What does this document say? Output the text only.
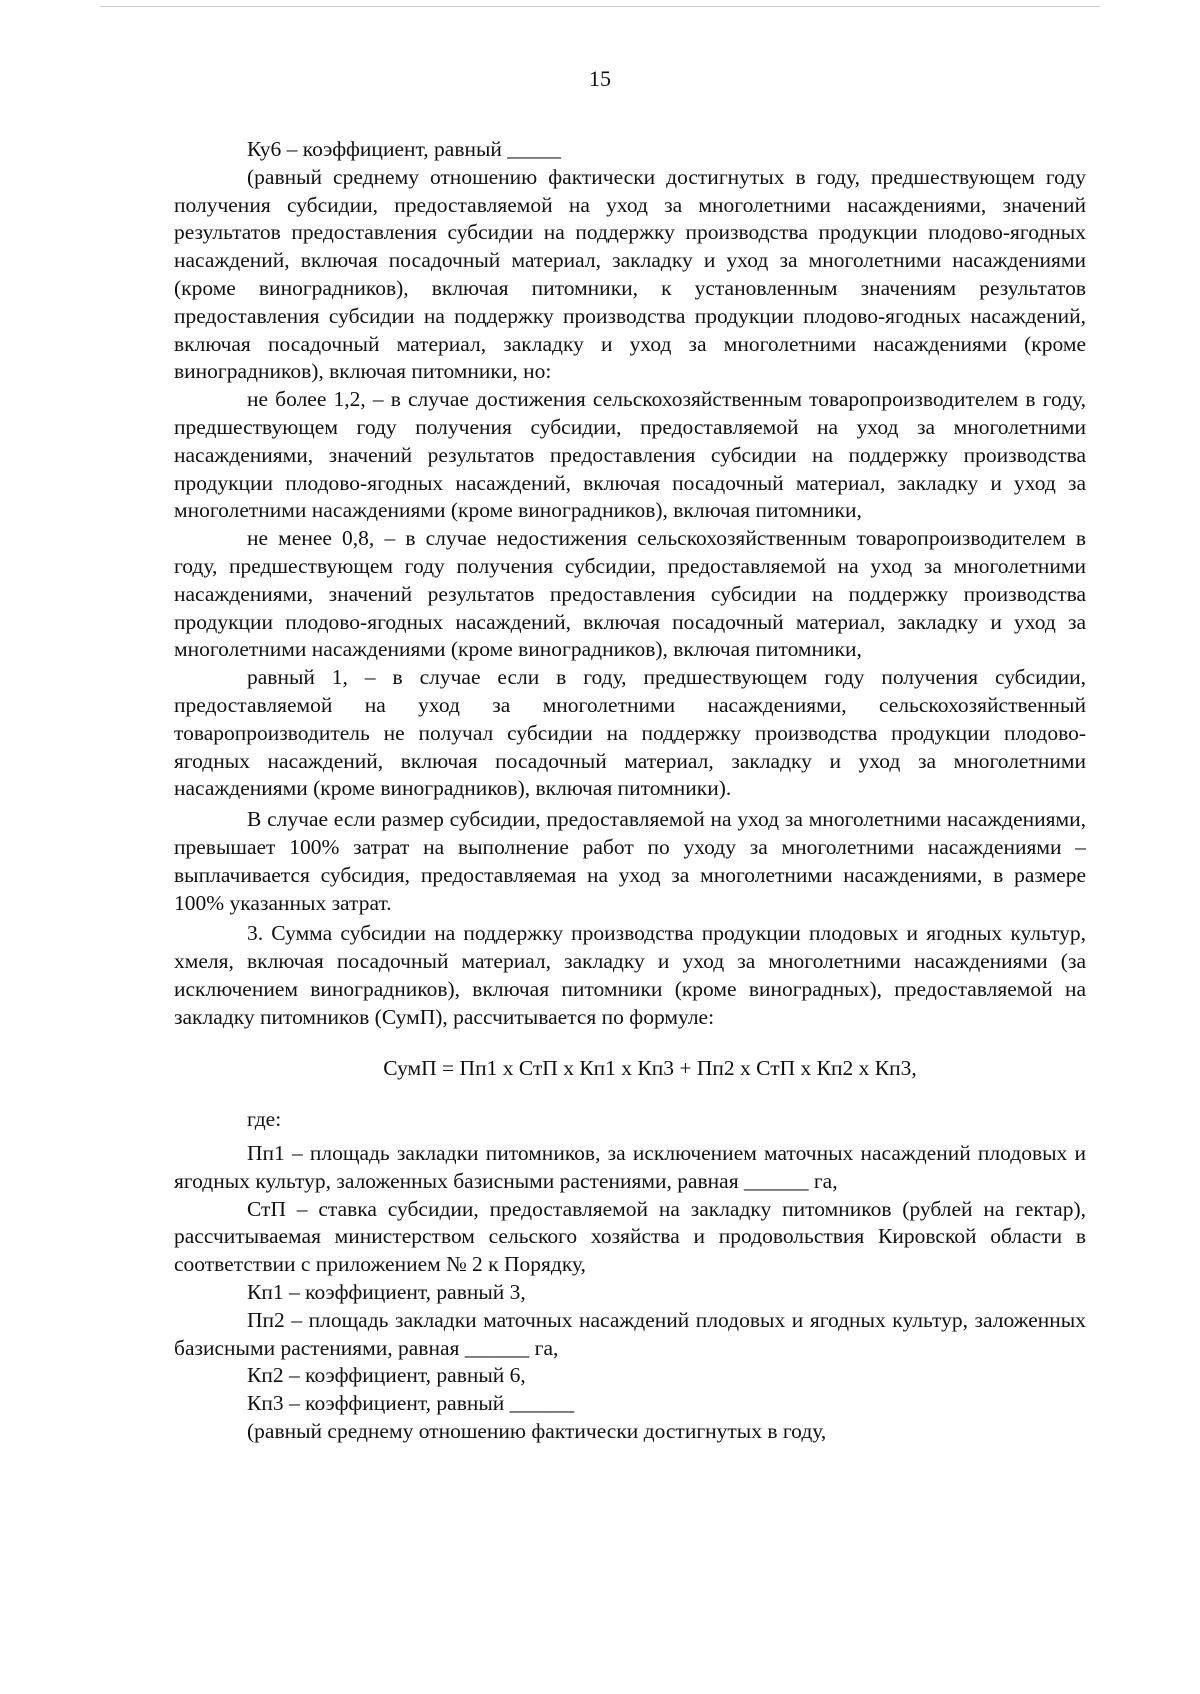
15

Ку6 – коэффициент, равный _____

(равный среднему отношению фактически достигнутых в году, предшествующем году получения субсидии, предоставляемой на уход за многолетними насаждениями, значений результатов предоставления субсидии на поддержку производства продукции плодово-ягодных насаждений, включая посадочный материал, закладку и уход за многолетними насаждениями (кроме виноградников), включая питомники, к установленным значениям результатов предоставления субсидии на поддержку производства продукции плодово-ягодных насаждений, включая посадочный материал, закладку и уход за многолетними насаждениями (кроме виноградников), включая питомники, но:

не более 1,2, – в случае достижения сельскохозяйственным товаропроизводителем в году, предшествующем году получения субсидии, предоставляемой на уход за многолетними насаждениями, значений результатов предоставления субсидии на поддержку производства продукции плодово-ягодных насаждений, включая посадочный материал, закладку и уход за многолетними насаждениями (кроме виноградников), включая питомники,

не менее 0,8, – в случае недостижения сельскохозяйственным товаропроизводителем в году, предшествующем году получения субсидии, предоставляемой на уход за многолетними насаждениями, значений результатов предоставления субсидии на поддержку производства продукции плодово-ягодных насаждений, включая посадочный материал, закладку и уход за многолетними насаждениями (кроме виноградников), включая питомники,

равный 1, – в случае если в году, предшествующем году получения субсидии, предоставляемой на уход за многолетними насаждениями, сельскохозяйственный товаропроизводитель не получал субсидии на поддержку производства продукции плодово-ягодных насаждений, включая посадочный материал, закладку и уход за многолетними насаждениями (кроме виноградников), включая питомники).

В случае если размер субсидии, предоставляемой на уход за многолетними насаждениями, превышает 100% затрат на выполнение работ по уходу за многолетними насаждениями – выплачивается субсидия, предоставляемая на уход за многолетними насаждениями, в размере 100% указанных затрат.

3. Сумма субсидии на поддержку производства продукции плодовых и ягодных культур, хмеля, включая посадочный материал, закладку и уход за многолетними насаждениями (за исключением виноградников), включая питомники (кроме виноградных), предоставляемой на закладку питомников (СумП), рассчитывается по формуле:

СумП = Пп1 х СтП х Кп1 х Кп3 + Пп2 х СтП х Кп2 х Кп3,

где:

Пп1 – площадь закладки питомников, за исключением маточных насаждений плодовых и ягодных культур, заложенных базисными растениями, равная ______ га,

СтП – ставка субсидии, предоставляемой на закладку питомников (рублей на гектар), рассчитываемая министерством сельского хозяйства и продовольствия Кировской области в соответствии с приложением № 2 к Порядку,

Кп1 – коэффициент, равный 3,

Пп2 – площадь закладки маточных насаждений плодовых и ягодных культур, заложенных базисными растениями, равная ______ га,

Кп2 – коэффициент, равный 6,

Кп3 – коэффициент, равный ______

(равный среднему отношению фактически достигнутых в году,
